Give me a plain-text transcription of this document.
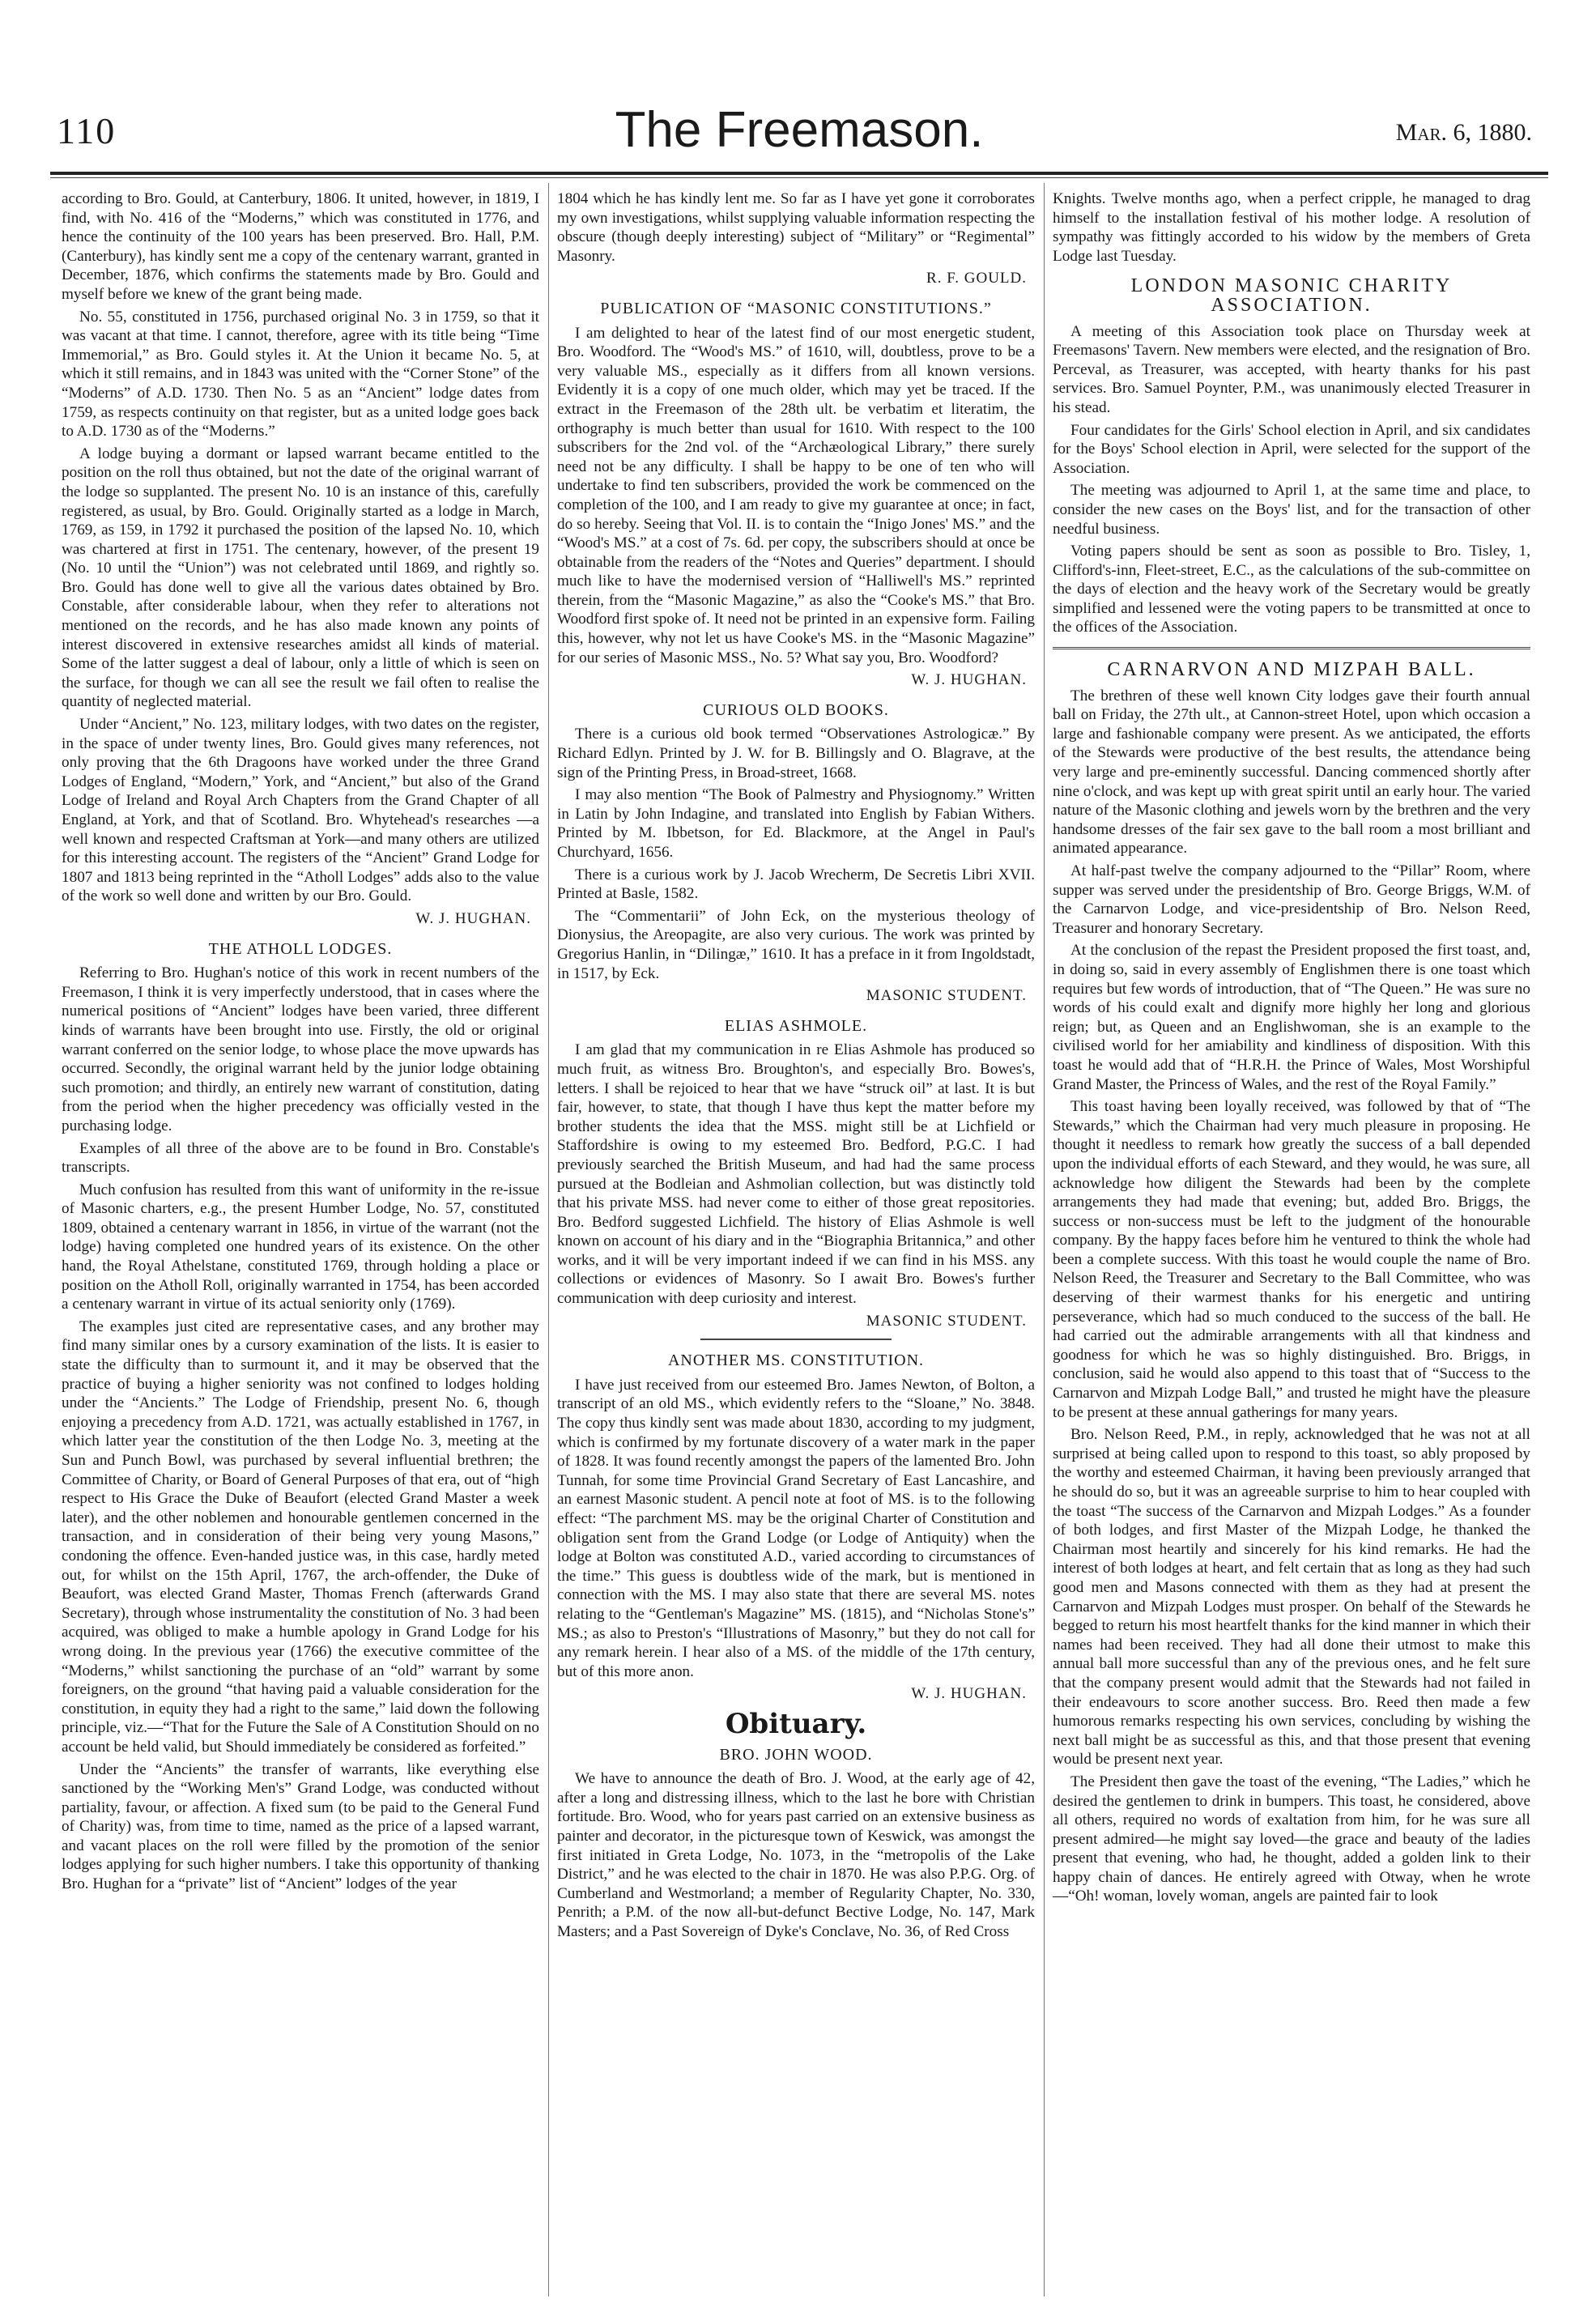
110	The Freemason.	Mar. 6, 1880.

according to Bro. Gould, at Canterbury, 1806. It united, however, in 1819, I find, with No. 416 of the “Moderns,” which was constituted in 1776, and hence the continuity of the 100 years has been preserved. Bro. Hall, P.M. (Canterbury), has kindly sent me a copy of the centenary warrant, granted in December, 1876, which confirms the statements made by Bro. Gould and myself before we knew of the grant being made.

No. 55, constituted in 1756, purchased original No. 3 in 1759, so that it was vacant at that time. I cannot, therefore, agree with its title being “Time Immemorial,” as Bro. Gould styles it. At the Union it became No. 5, at which it still remains, and in 1843 was united with the “Corner Stone” of the “Moderns” of A.D. 1730. Then No. 5 as an “Ancient” lodge dates from 1759, as respects continuity on that register, but as a united lodge goes back to A.D. 1730 as of the “Moderns.”

A lodge buying a dormant or lapsed warrant became entitled to the position on the roll thus obtained, but not the date of the original warrant of the lodge so supplanted. The present No. 10 is an instance of this, carefully registered, as usual, by Bro. Gould. Originally started as a lodge in March, 1769, as 159, in 1792 it purchased the position of the lapsed No. 10, which was chartered at first in 1751. The centenary, however, of the present 19 (No. 10 until the “Union”) was not celebrated until 1869, and rightly so. Bro. Gould has done well to give all the various dates obtained by Bro. Constable, after considerable labour, when they refer to alterations not mentioned on the records, and he has also made known any points of interest discovered in extensive researches amidst all kinds of material. Some of the latter suggest a deal of labour, only a little of which is seen on the surface, for though we can all see the result we fail often to realise the quantity of neglected material.

Under “Ancient,” No. 123, military lodges, with two dates on the register, in the space of under twenty lines, Bro. Gould gives many references, not only proving that the 6th Dragoons have worked under the three Grand Lodges of England, “Modern,” York, and “Ancient,” but also of the Grand Lodge of Ireland and Royal Arch Chapters from the Grand Chapter of all England, at York, and that of Scotland. Bro. Whytehead's researches —a well known and respected Craftsman at York—and many others are utilized for this interesting account. The registers of the “Ancient” Grand Lodge for 1807 and 1813 being reprinted in the “Atholl Lodges” adds also to the value of the work so well done and written by our Bro. Gould.

W. J. HUGHAN.
THE ATHOLL LODGES.

Referring to Bro. Hughan's notice of this work in recent numbers of the Freemason, I think it is very imperfectly understood, that in cases where the numerical positions of “Ancient” lodges have been varied, three different kinds of warrants have been brought into use. Firstly, the old or original warrant conferred on the senior lodge, to whose place the move upwards has occurred. Secondly, the original warrant held by the junior lodge obtaining such promotion; and thirdly, an entirely new warrant of constitution, dating from the period when the higher precedency was officially vested in the purchasing lodge.

Examples of all three of the above are to be found in Bro. Constable's transcripts.

Much confusion has resulted from this want of uniformity in the re-issue of Masonic charters, e.g., the present Humber Lodge, No. 57, constituted 1809, obtained a centenary warrant in 1856, in virtue of the warrant (not the lodge) having completed one hundred years of its existence. On the other hand, the Royal Athelstane, constituted 1769, through holding a place or position on the Atholl Roll, originally warranted in 1754, has been accorded a centenary warrant in virtue of its actual seniority only (1769).

The examples just cited are representative cases, and any brother may find many similar ones by a cursory examination of the lists. It is easier to state the difficulty than to surmount it, and it may be observed that the practice of buying a higher seniority was not confined to lodges holding under the “Ancients.” The Lodge of Friendship, present No. 6, though enjoying a precedency from A.D. 1721, was actually established in 1767, in which latter year the constitution of the then Lodge No. 3, meeting at the Sun and Punch Bowl, was purchased by several influential brethren; the Committee of Charity, or Board of General Purposes of that era, out of “high respect to His Grace the Duke of Beaufort (elected Grand Master a week later), and the other noblemen and honourable gentlemen concerned in the transaction, and in consideration of their being very young Masons,” condoning the offence. Even-handed justice was, in this case, hardly meted out, for whilst on the 15th April, 1767, the arch-offender, the Duke of Beaufort, was elected Grand Master, Thomas French (afterwards Grand Secretary), through whose instrumentality the constitution of No. 3 had been acquired, was obliged to make a humble apology in Grand Lodge for his wrong doing. In the previous year (1766) the executive committee of the “Moderns,” whilst sanctioning the purchase of an “old” warrant by some foreigners, on the ground “that having paid a valuable consideration for the constitution, in equity they had a right to the same,” laid down the following principle, viz.—“That for the Future the Sale of A Constitution Should on no account be held valid, but Should immediately be considered as forfeited.”

Under the “Ancients” the transfer of warrants, like everything else sanctioned by the “Working Men's” Grand Lodge, was conducted without partiality, favour, or affection. A fixed sum (to be paid to the General Fund of Charity) was, from time to time, named as the price of a lapsed warrant, and vacant places on the roll were filled by the promotion of the senior lodges applying for such higher numbers. I take this opportunity of thanking Bro. Hughan for a “private” list of “Ancient” lodges of the year

1804 which he has kindly lent me. So far as I have yet gone it corroborates my own investigations, whilst supplying valuable information respecting the obscure (though deeply interesting) subject of “Military” or “Regimental” Masonry.

R. F. GOULD.
PUBLICATION OF “MASONIC CONSTITUTIONS.”

I am delighted to hear of the latest find of our most energetic student, Bro. Woodford. The “Wood's MS.” of 1610, will, doubtless, prove to be a very valuable MS., especially as it differs from all known versions. Evidently it is a copy of one much older, which may yet be traced. If the extract in the Freemason of the 28th ult. be verbatim et literatim, the orthography is much better than usual for 1610. With respect to the 100 subscribers for the 2nd vol. of the “Archæological Library,” there surely need not be any difficulty. I shall be happy to be one of ten who will undertake to find ten subscribers, provided the work be commenced on the completion of the 100, and I am ready to give my guarantee at once; in fact, do so hereby. Seeing that Vol. II. is to contain the “Inigo Jones' MS.” and the “Wood's MS.” at a cost of 7s. 6d. per copy, the subscribers should at once be obtainable from the readers of the “Notes and Queries” department. I should much like to have the modernised version of “Halliwell's MS.” reprinted therein, from the “Masonic Magazine,” as also the “Cooke's MS.” that Bro. Woodford first spoke of. It need not be printed in an expensive form. Failing this, however, why not let us have Cooke's MS. in the “Masonic Magazine” for our series of Masonic MSS., No. 5? What say you, Bro. Woodford?

W. J. HUGHAN.
CURIOUS OLD BOOKS.

There is a curious old book termed “Observationes Astrologicæ.” By Richard Edlyn. Printed by J. W. for B. Billingsly and O. Blagrave, at the sign of the Printing Press, in Broad-street, 1668.

I may also mention “The Book of Palmestry and Physiognomy.” Written in Latin by John Indagine, and translated into English by Fabian Withers. Printed by M. Ibbetson, for Ed. Blackmore, at the Angel in Paul's Churchyard, 1656.

There is a curious work by J. Jacob Wrecherm, De Secretis Libri XVII. Printed at Basle, 1582.

The “Commentarii” of John Eck, on the mysterious theology of Dionysius, the Areopagite, are also very curious. The work was printed by Gregorius Hanlin, in “Dilingæ,” 1610. It has a preface in it from Ingoldstadt, in 1517, by Eck.

MASONIC STUDENT.
ELIAS ASHMOLE.

I am glad that my communication in re Elias Ashmole has produced so much fruit, as witness Bro. Broughton's, and especially Bro. Bowes's, letters. I shall be rejoiced to hear that we have “struck oil” at last. It is but fair, however, to state, that though I have thus kept the matter before my brother students the idea that the MSS. might still be at Lichfield or Staffordshire is owing to my esteemed Bro. Bedford, P.G.C. I had previously searched the British Museum, and had had the same process pursued at the Bodleian and Ashmolian collection, but was distinctly told that his private MSS. had never come to either of those great repositories. Bro. Bedford suggested Lichfield. The history of Elias Ashmole is well known on account of his diary and in the “Biographia Britannica,” and other works, and it will be very important indeed if we can find in his MSS. any collections or evidences of Masonry. So I await Bro. Bowes's further communication with deep curiosity and interest.

MASONIC STUDENT.
ANOTHER MS. CONSTITUTION.

I have just received from our esteemed Bro. James Newton, of Bolton, a transcript of an old MS., which evidently refers to the “Sloane,” No. 3848. The copy thus kindly sent was made about 1830, according to my judgment, which is confirmed by my fortunate discovery of a water mark in the paper of 1828. It was found recently amongst the papers of the lamented Bro. John Tunnah, for some time Provincial Grand Secretary of East Lancashire, and an earnest Masonic student. A pencil note at foot of MS. is to the following effect: “The parchment MS. may be the original Charter of Constitution and obligation sent from the Grand Lodge (or Lodge of Antiquity) when the lodge at Bolton was constituted A.D., varied according to circumstances of the time.” This guess is doubtless wide of the mark, but is mentioned in connection with the MS. I may also state that there are several MS. notes relating to the “Gentleman's Magazine” MS. (1815), and “Nicholas Stone's” MS.; as also to Preston's “Illustrations of Masonry,” but they do not call for any remark herein. I hear also of a MS. of the middle of the 17th century, but of this more anon.

W. J. HUGHAN.
Obituary.
BRO. JOHN WOOD.

We have to announce the death of Bro. J. Wood, at the early age of 42, after a long and distressing illness, which to the last he bore with Christian fortitude. Bro. Wood, who for years past carried on an extensive business as painter and decorator, in the picturesque town of Keswick, was amongst the first initiated in Greta Lodge, No. 1073, in the “metropolis of the Lake District,” and he was elected to the chair in 1870. He was also P.P.G. Org. of Cumberland and Westmorland; a member of Regularity Chapter, No. 330, Penrith; a P.M. of the now all-but-defunct Bective Lodge, No. 147, Mark Masters; and a Past Sovereign of Dyke's Conclave, No. 36, of Red Cross

Knights. Twelve months ago, when a perfect cripple, he managed to drag himself to the installation festival of his mother lodge. A resolution of sympathy was fittingly accorded to his widow by the members of Greta Lodge last Tuesday.

LONDON MASONIC CHARITY ASSOCIATION.

A meeting of this Association took place on Thursday week at Freemasons' Tavern. New members were elected, and the resignation of Bro. Perceval, as Treasurer, was accepted, with hearty thanks for his past services. Bro. Samuel Poynter, P.M., was unanimously elected Treasurer in his stead.

Four candidates for the Girls' School election in April, and six candidates for the Boys' School election in April, were selected for the support of the Association.

The meeting was adjourned to April 1, at the same time and place, to consider the new cases on the Boys' list, and for the transaction of other needful business.

Voting papers should be sent as soon as possible to Bro. Tisley, 1, Clifford's-inn, Fleet-street, E.C., as the calculations of the sub-committee on the days of election and the heavy work of the Secretary would be greatly simplified and lessened were the voting papers to be transmitted at once to the offices of the Association.

CARNARVON AND MIZPAH BALL.

The brethren of these well known City lodges gave their fourth annual ball on Friday, the 27th ult., at Cannon-street Hotel, upon which occasion a large and fashionable company were present. As we anticipated, the efforts of the Stewards were productive of the best results, the attendance being very large and pre-eminently successful. Dancing commenced shortly after nine o'clock, and was kept up with great spirit until an early hour. The varied nature of the Masonic clothing and jewels worn by the brethren and the very handsome dresses of the fair sex gave to the ball room a most brilliant and animated appearance.

At half-past twelve the company adjourned to the “Pillar” Room, where supper was served under the presidentship of Bro. George Briggs, W.M. of the Carnarvon Lodge, and vice-presidentship of Bro. Nelson Reed, Treasurer and honorary Secretary.

At the conclusion of the repast the President proposed the first toast, and, in doing so, said in every assembly of Englishmen there is one toast which requires but few words of introduction, that of “The Queen.” He was sure no words of his could exalt and dignify more highly her long and glorious reign; but, as Queen and an Englishwoman, she is an example to the civilised world for her amiability and kindliness of disposition. With this toast he would add that of “H.R.H. the Prince of Wales, Most Worshipful Grand Master, the Princess of Wales, and the rest of the Royal Family.”

This toast having been loyally received, was followed by that of “The Stewards,” which the Chairman had very much pleasure in proposing. He thought it needless to remark how greatly the success of a ball depended upon the individual efforts of each Steward, and they would, he was sure, all acknowledge how diligent the Stewards had been by the complete arrangements they had made that evening; but, added Bro. Briggs, the success or non-success must be left to the judgment of the honourable company. By the happy faces before him he ventured to think the whole had been a complete success. With this toast he would couple the name of Bro. Nelson Reed, the Treasurer and Secretary to the Ball Committee, who was deserving of their warmest thanks for his energetic and untiring perseverance, which had so much conduced to the success of the ball. He had carried out the admirable arrangements with all that kindness and goodness for which he was so highly distinguished. Bro. Briggs, in conclusion, said he would also append to this toast that of “Success to the Carnarvon and Mizpah Lodge Ball,” and trusted he might have the pleasure to be present at these annual gatherings for many years.

Bro. Nelson Reed, P.M., in reply, acknowledged that he was not at all surprised at being called upon to respond to this toast, so ably proposed by the worthy and esteemed Chairman, it having been previously arranged that he should do so, but it was an agreeable surprise to him to hear coupled with the toast “The success of the Carnarvon and Mizpah Lodges.” As a founder of both lodges, and first Master of the Mizpah Lodge, he thanked the Chairman most heartily and sincerely for his kind remarks. He had the interest of both lodges at heart, and felt certain that as long as they had such good men and Masons connected with them as they had at present the Carnarvon and Mizpah Lodges must prosper. On behalf of the Stewards he begged to return his most heartfelt thanks for the kind manner in which their names had been received. They had all done their utmost to make this annual ball more successful than any of the previous ones, and he felt sure that the company present would admit that the Stewards had not failed in their endeavours to score another success. Bro. Reed then made a few humorous remarks respecting his own services, concluding by wishing the next ball might be as successful as this, and that those present that evening would be present next year.

The President then gave the toast of the evening, “The Ladies,” which he desired the gentlemen to drink in bumpers. This toast, he considered, above all others, required no words of exaltation from him, for he was sure all present admired—he might say loved—the grace and beauty of the ladies present that evening, who had, he thought, added a golden link to their happy chain of dances. He entirely agreed with Otway, when he wrote—“Oh! woman, lovely woman, angels are painted fair to look
